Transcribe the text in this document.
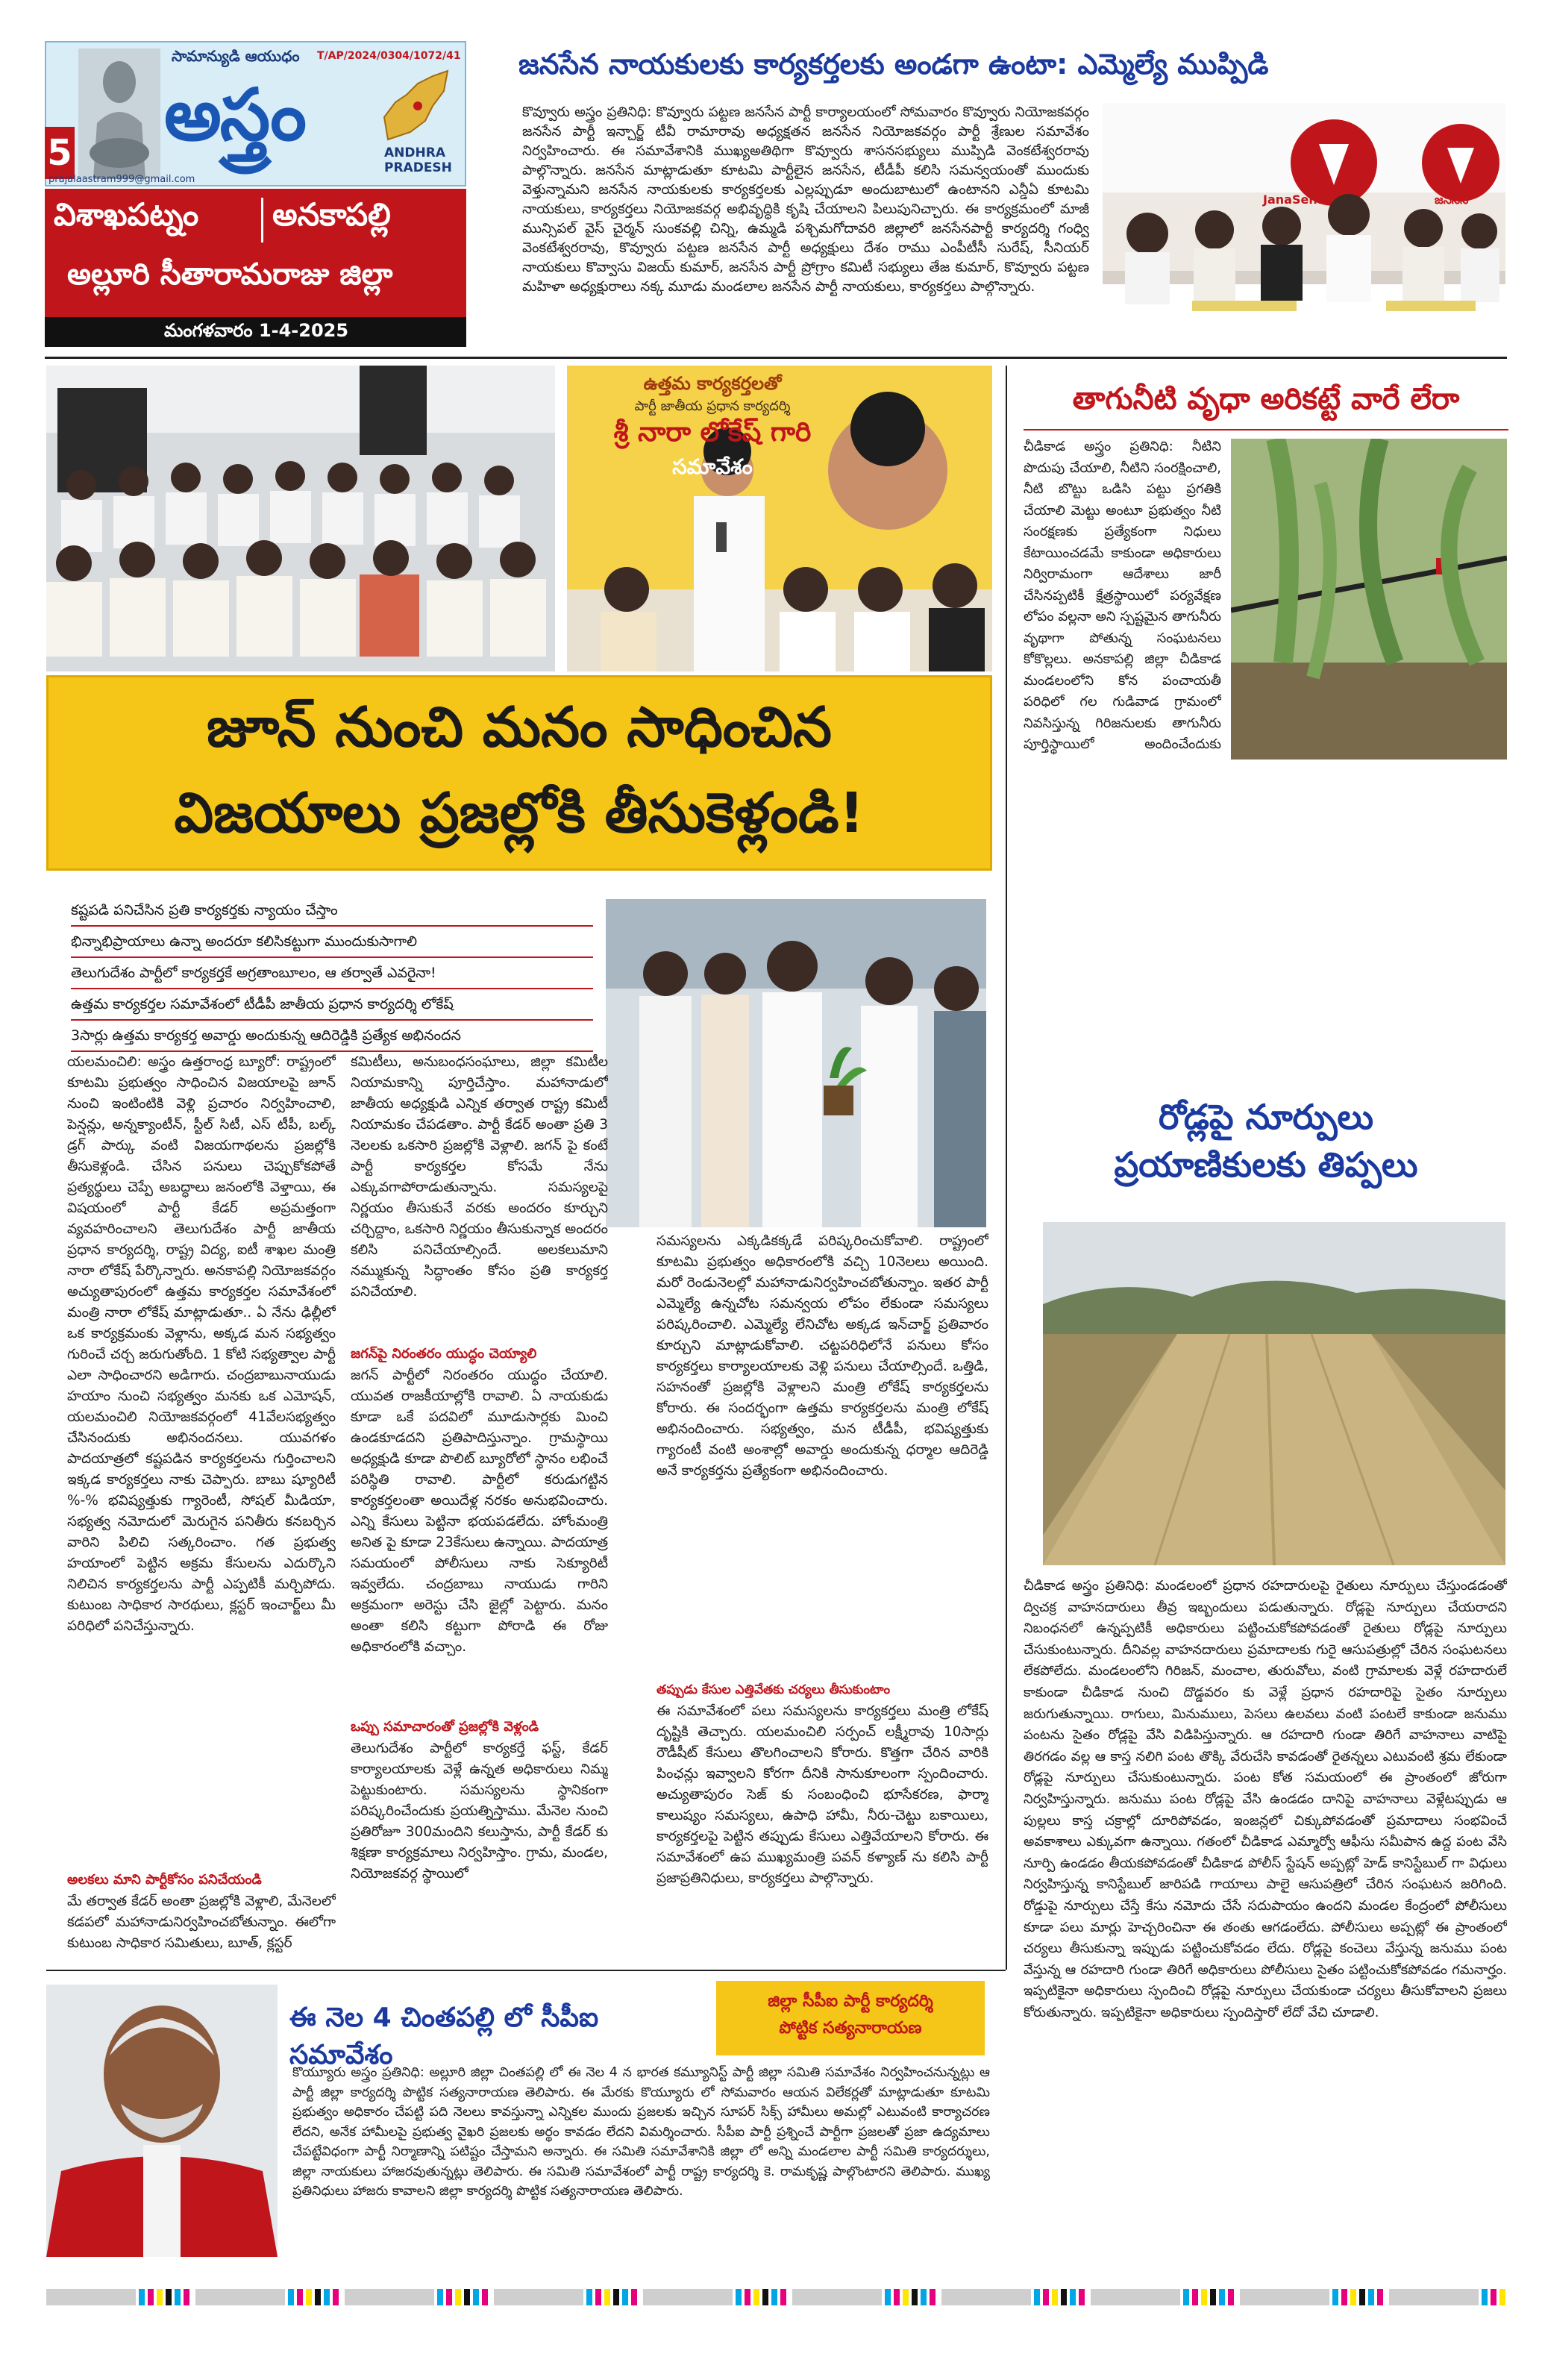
5
సామాన్యుడి ఆయుధం T/AP/2024/0304/1072/41
అస్త్రం	ANDHRA
PRADESH
prajalaastram999@gmail.com
విశాఖపట్నం అనకాపల్లి
అల్లూరి సీతారామరాజు జిల్లా
మంగళవారం 1-4-2025
జనసేన నాయకులకు కార్యకర్తలకు అండగా ఉంటా: ఎమ్మెల్యే ముప్పిడి
కొవ్వూరు అస్త్రం ప్రతినిధి: కొవ్వూరు పట్టణ జనసేన పార్టీ కార్యాలయంలో సోమవారం కొవ్వూరు నియోజకవర్గం జనసేన పార్టీ ఇన్చార్జ్ టీవీ రామారావు అధ్యక్షతన జనసేన నియోజకవర్గం పార్టీ శ్రేణుల సమావేశం నిర్వహించారు. ఈ సమావేశానికి ముఖ్యఅతిథిగా కొవ్వూరు శాసనసభ్యులు ముప్పిడి వెంకటేశ్వరరావు పాల్గొన్నారు. జనసేన మాట్లాడుతూ కూటమి పార్టీలైన జనసేన, టీడీపీ కలిసి సమన్వయంతో ముందుకు వెళ్తున్నామని జనసేన నాయకులకు కార్యకర్తలకు ఎల్లప్పుడూ అందుబాటులో ఉంటానని ఎన్డీఏ కూటమి నాయకులు, కార్యకర్తలు నియోజకవర్గ అభివృద్ధికి కృషి చేయాలని పిలుపునిచ్చారు. ఈ కార్యక్రమంలో మాజీ మున్సిపల్ వైస్ చైర్మన్ సుంకవల్లి చిన్ని, ఉమ్మడి పశ్చిమగోదావరి జిల్లాలో జనసేనపార్టీ కార్యదర్శి గంధ్వి వెంకటేశ్వరరావు, కొవ్వూరు పట్టణ జనసేన పార్టీ అధ్యక్షులు దేశం రాము ఎంపీటీసీ సురేష్, సీనియర్ నాయకులు కొవ్వాసు విజయ్ కుమార్, జనసేన పార్టీ ప్రోగ్రాం కమిటీ సభ్యులు తేజ కుమార్, కొవ్వూరు పట్టణ మహిళా అధ్యక్షురాలు నక్క మూడు మండలాల జనసేన పార్టీ నాయకులు, కార్యకర్తలు పాల్గొన్నారు.
JanaSena	జనసేన
ఉత్తమ కార్యకర్తలతో
పార్టీ జాతీయ ప్రధాన కార్యదర్శి
శ్రీ నారా లోకేష్ గారి
సమావేశం
జూన్ నుంచి మనం సాధించిన
విజయాలు ప్రజల్లోకి తీసుకెళ్లండి!
కష్టపడి పనిచేసిన ప్రతి కార్యకర్తకు న్యాయం చేస్తాం
భిన్నాభిప్రాయాలు ఉన్నా అందరూ కలిసికట్టుగా ముందుకుసాగాలి
తెలుగుదేశం పార్టీలో కార్యకర్తకే అగ్రతాంబూలం, ఆ తర్వాతే ఎవరైనా!
ఉత్తమ కార్యకర్తల సమావేశంలో టీడీపీ జాతీయ ప్రధాన కార్యదర్శి లోకేష్
3సార్లు ఉత్తమ కార్యకర్త అవార్డు అందుకున్న ఆదిరెడ్డికి ప్రత్యేక అభినందన
యలమంచిలి: అస్త్రం ఉత్తరాంధ్ర బ్యూరో: రాష్ట్రంలో కూటమి ప్రభుత్వం సాధించిన విజయాలపై జూన్ నుంచి ఇంటింటికి వెళ్లి ప్రచారం నిర్వహించాలి, పెన్షన్లు, అన్నక్యాంటీన్, స్టీల్ సిటీ, ఎస్ టీపీ, బల్క్ డ్రగ్ పార్కు వంటి విజయగాథలను ప్రజల్లోకి తీసుకెళ్లండి. చేసిన పనులు చెప్పుకోకపోతే ప్రత్యర్థులు చెప్పే అబద్ధాలు జనంలోకి వెళ్తాయి, ఈ విషయంలో పార్టీ కేడర్ అప్రమత్తంగా వ్యవహరించాలని తెలుగుదేశం పార్టీ జాతీయ ప్రధాన కార్యదర్శి, రాష్ట్ర విద్య, ఐటీ శాఖల మంత్రి నారా లోకేష్ పేర్కొన్నారు. అనకాపల్లి నియోజకవర్గం అచ్యుతాపురంలో ఉత్తమ కార్యకర్తల సమావేశంలో మంత్రి నారా లోకేష్ మాట్లాడుతూ.. ఏ నేను ఢిల్లీలో ఒక కార్యక్రమంకు వెళ్లాను, అక్కడ మన సభ్యత్వం గురించే చర్చ జరుగుతోంది. 1 కోటి సభ్యత్వాల పార్టీ ఎలా సాధించారని అడిగారు. చంద్రబాబునాయుడు హయాం నుంచి సభ్యత్వం మనకు ఒక ఎమోషన్, యలమంచిలి నియోజకవర్గంలో 41వేలసభ్యత్వం చేసినందుకు అభినందనలు. యువగళం పాదయాత్రలో కష్టపడిన కార్యకర్తలను గుర్తించాలని ఇక్కడ కార్యకర్తలు నాకు చెప్పారు. బాబు ష్యూరిటీ %-% భవిష్యత్తుకు గ్యారెంటీ, సోషల్ మీడియా, సభ్యత్వ నమోదులో మెరుగైన పనితీరు కనబర్చిన వారిని పిలిచి సత్కరించాం. గత ప్రభుత్వ హయాంలో పెట్టిన అక్రమ కేసులను ఎదుర్కొని నిలిచిన కార్యకర్తలను పార్టీ ఎప్పటికీ మర్చిపోదు. కుటుంబ సాధికార సారథులు, క్లస్టర్ ఇంచార్జ్‌లు మీ పరిధిలో పనిచేస్తున్నారు.
అలకలు మాని పార్టీకోసం పనిచేయండి
మే తర్వాత కేడర్ అంతా ప్రజల్లోకి వెళ్లాలి, మేనెలలో కడపలో మహానాడునిర్వహించబోతున్నాం. ఈలోగా కుటుంబ సాధికార సమితులు, బూత్, క్లస్టర్
కమిటీలు, అనుబంధసంఘాలు, జిల్లా కమిటీల నియామకాన్ని పూర్తిచేస్తాం. మహానాడులో జాతీయ అధ్యక్షుడి ఎన్నిక తర్వాత రాష్ట్ర కమిటీ నియామకం చేపడతాం. పార్టీ కేడర్ అంతా ప్రతి 3 నెలలకు ఒకసారి ప్రజల్లోకి వెళ్లాలి. జగన్ పై కంటే పార్టీ కార్యకర్తల కోసమే నేను ఎక్కువగాపోరాడుతున్నాను. సమస్యలపై నిర్ణయం తీసుకునే వరకు అందరం కూర్చుని చర్చిద్దాం, ఒకసారి నిర్ణయం తీసుకున్నాక అందరం కలిసి పనిచేయాల్సిందే. అలకలుమాని నమ్ముకున్న సిద్ధాంతం కోసం ప్రతి కార్యకర్త పనిచేయాలి.
జగన్‌పై నిరంతరం యుద్ధం చెయ్యాలి
జగన్ పార్టీలో నిరంతరం యుద్ధం చేయాలి. యువత రాజకీయాల్లోకి రావాలి. ఏ నాయకుడు కూడా ఒకే పదవిలో మూడుసార్లకు మించి ఉండకూడదని ప్రతిపాదిస్తున్నాం. గ్రామస్థాయి అధ్యక్షుడి కూడా పొలిట్ బ్యూరోలో స్థానం లభించే పరిస్థితి రావాలి. పార్టీలో కరుడుగట్టిన కార్యకర్తలంతా అయిదేళ్ల నరకం అనుభవించారు. ఎన్ని కేసులు పెట్టినా భయపడలేదు. హోంమంత్రి అనిత పై కూడా 23కేసులు ఉన్నాయి. పాదయాత్ర సమయంలో పోలీసులు నాకు సెక్యూరిటీ ఇవ్వలేదు. చంద్రబాబు నాయుడు గారిని అక్రమంగా అరెస్టు చేసి జైల్లో పెట్టారు. మనం అంతా కలిసి కట్టుగా పోరాడి ఈ రోజు అధికారంలోకి వచ్చాం.
ఒప్పు సమాచారంతో ప్రజల్లోకి వెళ్లండి
తెలుగుదేశం పార్టీలో కార్యకర్తే ఫస్ట్, కేడర్ కార్యాలయాలకు వెళ్లే ఉన్నత అధికారులు నిమ్మ పెట్టుకుంటారు. సమస్యలను స్థానికంగా పరిష్కరించేందుకు ప్రయత్నిస్తాము. మేనెల నుంచి ప్రతిరోజూ 300మందిని కలుస్తాను, పార్టీ కేడర్ కు శిక్షణా కార్యక్రమాలు నిర్వహిస్తాం. గ్రామ, మండల, నియోజకవర్గ స్థాయిలో
సమస్యలను ఎక్కడికక్కడే పరిష్కరించుకోవాలి. రాష్ట్రంలో కూటమి ప్రభుత్వం అధికారంలోకి వచ్చి 10నెలలు అయింది. మరో రెండునెలల్లో మహానాడునిర్వహించబోతున్నాం. ఇతర పార్టీ ఎమ్మెల్యే ఉన్నచోట సమన్వయ లోపం లేకుండా సమస్యలు పరిష్కరించాలి. ఎమ్మెల్యే లేనిచోట అక్కడ ఇన్‌చార్జ్ ప్రతివారం కూర్చుని మాట్లాడుకోవాలి. చట్టపరిధిలోనే పనులు కోసం కార్యకర్తలు కార్యాలయాలకు వెళ్లి పనులు చేయాల్సిందే. ఒత్తిడి, సహనంతో ప్రజల్లోకి వెళ్లాలని మంత్రి లోకేష్ కార్యకర్తలను కోరారు. ఈ సందర్భంగా ఉత్తమ కార్యకర్తలను మంత్రి లోకేష్ అభినందించారు. సభ్యత్వం, మన టీడీపీ, భవిష్యత్తుకు గ్యారంటీ వంటి అంశాల్లో అవార్డు అందుకున్న ధర్మాల ఆదిరెడ్డి అనే కార్యకర్తను ప్రత్యేకంగా అభినందించారు.
తప్పుడు కేసుల ఎత్తివేతకు చర్యలు తీసుకుంటాం
ఈ సమావేశంలో పలు సమస్యలను కార్యకర్తలు మంత్రి లోకేష్ దృష్టికి తెచ్చారు. యలమంచిలి సర్పంచ్ లక్ష్మీరావు 10సార్లు రౌడీషీట్ కేసులు తొలగించాలని కోరారు. కొత్తగా చేరిన వారికి పింఛన్లు ఇవ్వాలని కోరగా దీనికి సానుకూలంగా స్పందించారు. అచ్యుతాపురం సెజ్ కు సంబంధించి భూసేకరణ, ఫార్మా కాలుష్యం సమస్యలు, ఉపాధి హామీ, నీరు-చెట్టు బకాయిలు, కార్యకర్తలపై పెట్టిన తప్పుడు కేసులు ఎత్తివేయాలని కోరారు. ఈ సమావేశంలో ఉప ముఖ్యమంత్రి పవన్ కళ్యాణ్ ను కలిసి పార్టీ ప్రజాప్రతినిధులు, కార్యకర్తలు పాల్గొన్నారు.
తాగునీటి వృధా అరికట్టే వారే లేరా
చీడికాడ అస్త్రం ప్రతినిధి: నీటిని పొదుపు చేయాలి, నీటిని సంరక్షించాలి, నీటి బొట్టు ఒడిసి పట్టు ప్రగతికి చేయాలి మెట్టు అంటూ ప్రభుత్వం నీటి సంరక్షణకు ప్రత్యేకంగా నిధులు కేటాయించడమే కాకుండా అధికారులు నిర్విరామంగా ఆదేశాలు జారీ చేసినప్పటికీ క్షేత్రస్థాయిలో పర్యవేక్షణ లోపం వల్లనా అని స్పష్టమైన తాగునీరు వృథాగా పోతున్న సంఘటనలు కోకొల్లలు. అనకాపల్లి జిల్లా చీడికాడ మండలంలోని కోన పంచాయతీ పరిధిలో గల గుడివాడ గ్రామంలో నివసిస్తున్న గిరిజనులకు తాగునీరు పూర్తిస్థాయిలో అందించేందుకు
రోడ్లపై నూర్పులు
ప్రయాణికులకు తిప్పలు
చీడికాడ అస్త్రం ప్రతినిధి: మండలంలో ప్రధాన రహదారులపై రైతులు నూర్పులు చేస్తుండడంతో ద్విచక్ర వాహనదారులు తీవ్ర ఇబ్బందులు పడుతున్నారు. రోడ్లపై నూర్పులు చేయరాదని నిబంధనలో ఉన్నప్పటికీ అధికారులు పట్టించుకోకపోవడంతో రైతులు రోడ్లపై నూర్పులు చేసుకుంటున్నారు. దీనివల్ల వాహనదారులు ప్రమాదాలకు గురై ఆసుపత్రుల్లో చేరిన సంఘటనలు లేకపోలేదు. మండలంలోని గిరిజన్, మంచాల, తురువోలు, వంటి గ్రామాలకు వెళ్లే రహదారులే కాకుండా చీడికాడ నుంచి దొడ్డవరం కు వెళ్లే ప్రధాన రహదారిపై సైతం నూర్పులు జరుగుతున్నాయి. రాగులు, మినుములు, పెసలు ఉలవలు వంటి పంటలే కాకుండా జనుము పంటను సైతం రోడ్లపై వేసి విడిపిస్తున్నారు. ఆ రహదారి గుండా తిరిగే వాహనాలు వాటిపై తిరగడం వల్ల ఆ కాస్త నలిగి పంట తొక్కి వేరుచేసి కావడంతో రైతన్నలు ఎటువంటి శ్రమ లేకుండా రోడ్లపై నూర్పులు చేసుకుంటున్నారు. పంట కోత సమయంలో ఈ ప్రాంతంలో జోరుగా నిర్వహిస్తున్నారు. జనుము పంట రోడ్లపై వేసి ఉండడం దానిపై వాహనాలు వెళ్లేటప్పుడు ఆ పుల్లలు కాస్త చక్రాల్లో దూరిపోవడం, ఇంజన్లలో చిక్కుపోవడంతో ప్రమాదాలు సంభవించే అవకాశాలు ఎక్కువగా ఉన్నాయి. గతంలో చీడికాడ ఎమ్మార్వో ఆఫీసు సమీపాన ఉద్ద పంట వేసి నూర్పి ఉండడం తీయకపోవడంతో చీడికాడ పోలీస్ స్టేషన్ అప్పట్లో హెడ్ కానిస్టేబుల్ గా విధులు నిర్వహిస్తున్న కానిస్టేబుల్ జారిపడి గాయాలు పాలై ఆసుపత్రిలో చేరిన సంఘటన జరిగింది. రోడ్డుపై నూర్పులు చేస్తే కేసు నమోదు చేసే సదుపాయం ఉందని మండల కేంద్రంలో పోలీసులు కూడా పలు మార్లు హెచ్చరించినా ఈ తంతు ఆగడంలేదు. పోలీసులు అప్పట్లో ఈ ప్రాంతంలో చర్యలు తీసుకున్నా ఇప్పుడు పట్టించుకోవడం లేదు. రోడ్లపై కంచెలు వేస్తున్న జనుము పంట వేస్తున్న ఆ రహదారి గుండా తిరిగే అధికారులు పోలీసులు సైతం పట్టించుకోకపోవడం గమనార్హం. ఇప్పటికైనా అధికారులు స్పందించి రోడ్లపై నూర్పులు చేయకుండా చర్యలు తీసుకోవాలని ప్రజలు కోరుతున్నారు. ఇప్పటికైనా అధికారులు స్పందిస్తారో లేదో వేచి చూడాలి.
ఈ నెల 4 చింతపల్లి లో సీపీఐ సమావేశం
జిల్లా సీపీఐ పార్టీ కార్యదర్శి
పోట్టిక సత్యనారాయణ
కొయ్యూరు అస్త్రం ప్రతినిధి: అల్లూరి జిల్లా చింతపల్లి లో ఈ నెల 4 న భారత కమ్యూనిస్ట్ పార్టీ జిల్లా సమితి సమావేశం నిర్వహించనున్నట్లు ఆ పార్టీ జిల్లా కార్యదర్శి పొట్టిక సత్యనారాయణ తెలిపారు. ఈ మేరకు కొయ్యూరు లో సోమవారం ఆయన విలేకర్లతో మాట్లాడుతూ కూటమి ప్రభుత్వం అధికారం చేపట్టి పది నెలలు కావస్తున్నా ఎన్నికల ముందు ప్రజలకు ఇచ్చిన సూపర్ సిక్స్ హామీలు అమల్లో ఎటువంటి కార్యాచరణ లేదని, అనేక హామీలపై ప్రభుత్వ వైఖరి ప్రజలకు అర్థం కావడం లేదని విమర్శించారు. సీపీఐ పార్టీ ప్రశ్నించే పార్టీగా ప్రజలతో ప్రజా ఉద్యమాలు చేపట్టేవిధంగా పార్టీ నిర్మాణాన్ని పటిష్టం చేస్తామని అన్నారు. ఈ సమితి సమావేశానికి జిల్లా లో అన్ని మండలాల పార్టీ సమితి కార్యదర్శులు, జిల్లా నాయకులు హాజరవుతున్నట్లు తెలిపారు. ఈ సమితి సమావేశంలో పార్టీ రాష్ట్ర కార్యదర్శి కె. రామకృష్ణ పాల్గొంటారని తెలిపారు. ముఖ్య ప్రతినిధులు హాజరు కావాలని జిల్లా కార్యదర్శి పొట్టిక సత్యనారాయణ తెలిపారు.
